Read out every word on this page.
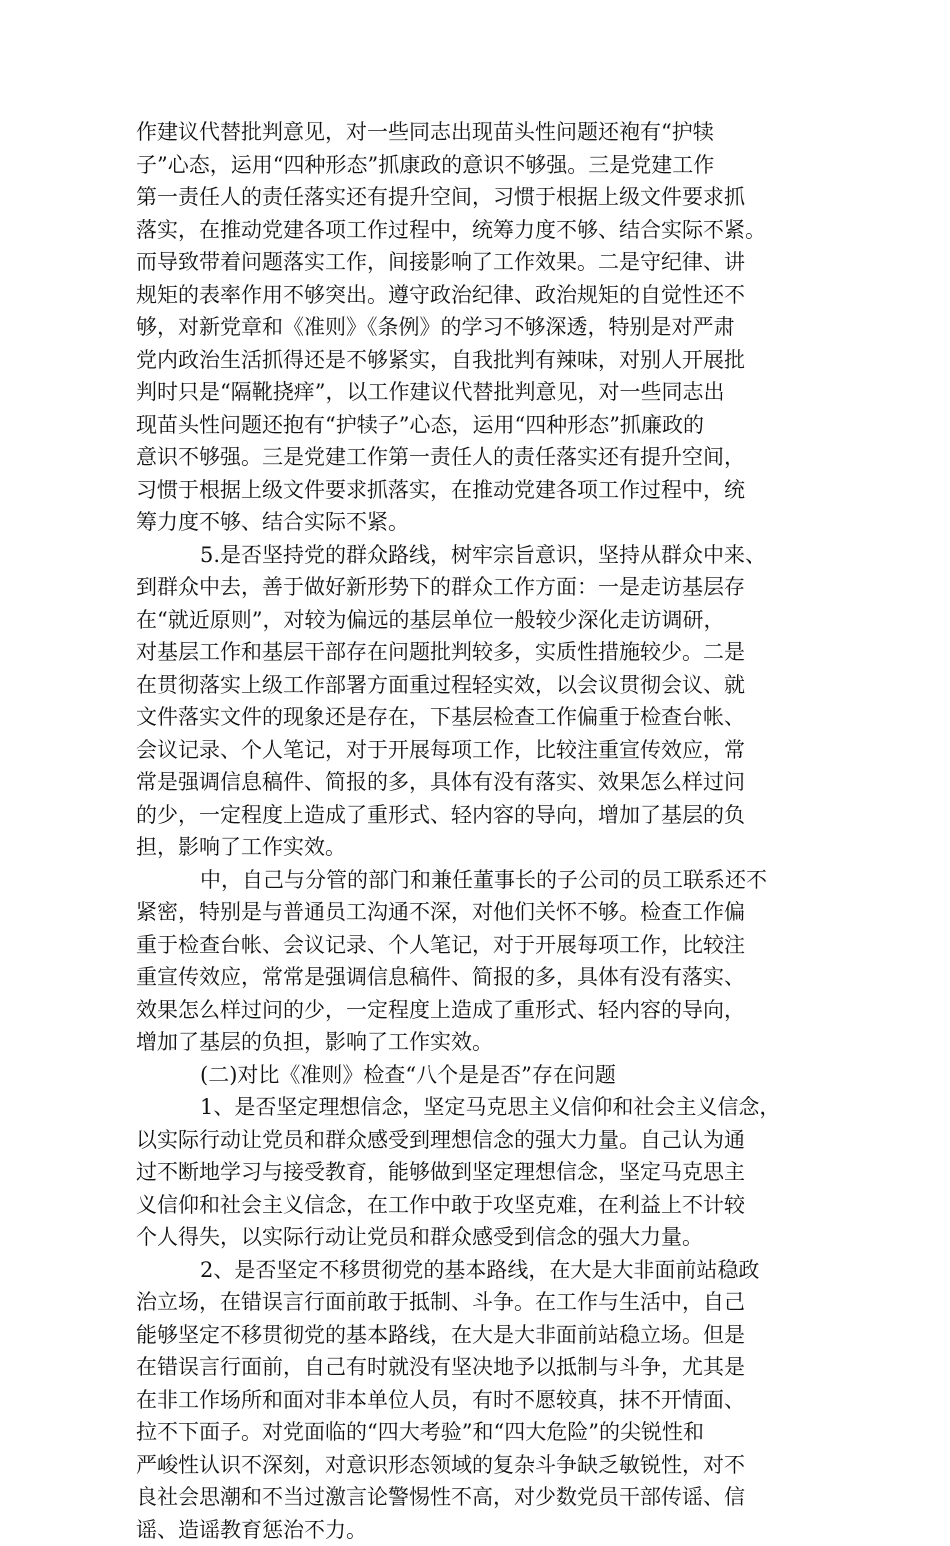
作建议代替批判意见，对一些同志出现苗头性问题还袍有“护犊
子”心态，运用“四种形态”抓康政的意识不够强。三是党建工作
第一责任人的责任落实还有提升空间，习惯于根据上级文件要求抓
落实，在推动党建各项工作过程中，统筹力度不够、结合实际不紧。
而导致带着问题落实工作，间接影响了工作效果。二是守纪律、讲
规矩的表率作用不够突出。遵守政治纪律、政治规矩的自觉性还不
够，对新党章和《准则》《条例》的学习不够深透，特别是对严肃
党内政治生活抓得还是不够紧实，自我批判有辣味，对别人开展批
判时只是“隔靴挠痒”，以工作建议代替批判意见，对一些同志出
现苗头性问题还抱有“护犊子”心态，运用“四种形态”抓廉政的
意识不够强。三是党建工作第一责任人的责任落实还有提升空间，
习惯于根据上级文件要求抓落实，在推动党建各项工作过程中，统
筹力度不够、结合实际不紧。
5.是否坚持党的群众路线，树牢宗旨意识，坚持从群众中来、
到群众中去，善于做好新形势下的群众工作方面：一是走访基层存
在“就近原则”，对较为偏远的基层单位一般较少深化走访调研，
对基层工作和基层干部存在问题批判较多，实质性措施较少。二是
在贯彻落实上级工作部署方面重过程轻实效，以会议贯彻会议、就
文件落实文件的现象还是存在，下基层检查工作偏重于检查台帐、
会议记录、个人笔记，对于开展每项工作，比较注重宣传效应，常
常是强调信息稿件、简报的多，具体有没有落实、效果怎么样过问
的少，一定程度上造成了重形式、轻内容的导向，增加了基层的负
担，影响了工作实效。
中，自己与分管的部门和兼任董事长的子公司的员工联系还不
紧密，特别是与普通员工沟通不深，对他们关怀不够。检查工作偏
重于检查台帐、会议记录、个人笔记，对于开展每项工作，比较注
重宣传效应，常常是强调信息稿件、简报的多，具体有没有落实、
效果怎么样过问的少，一定程度上造成了重形式、轻内容的导向，
增加了基层的负担，影响了工作实效。
(二)对比《准则》检查“八个是是否”存在问题
1、是否坚定理想信念，坚定马克思主义信仰和社会主义信念，
以实际行动让党员和群众感受到理想信念的强大力量。自己认为通
过不断地学习与接受教育，能够做到坚定理想信念，坚定马克思主
义信仰和社会主义信念，在工作中敢于攻坚克难，在利益上不计较
个人得失，以实际行动让党员和群众感受到信念的强大力量。
2、是否坚定不移贯彻党的基本路线，在大是大非面前站稳政
治立场，在错误言行面前敢于抵制、斗争。在工作与生活中，自己
能够坚定不移贯彻党的基本路线，在大是大非面前站稳立场。但是
在错误言行面前，自己有时就没有坚决地予以抵制与斗争，尤其是
在非工作场所和面对非本单位人员，有时不愿较真，抹不开情面、
拉不下面子。对党面临的“四大考验”和“四大危险”的尖锐性和
严峻性认识不深刻，对意识形态领域的复杂斗争缺乏敏锐性，对不
良社会思潮和不当过激言论警惕性不高，对少数党员干部传谣、信
谣、造谣教育惩治不力。
